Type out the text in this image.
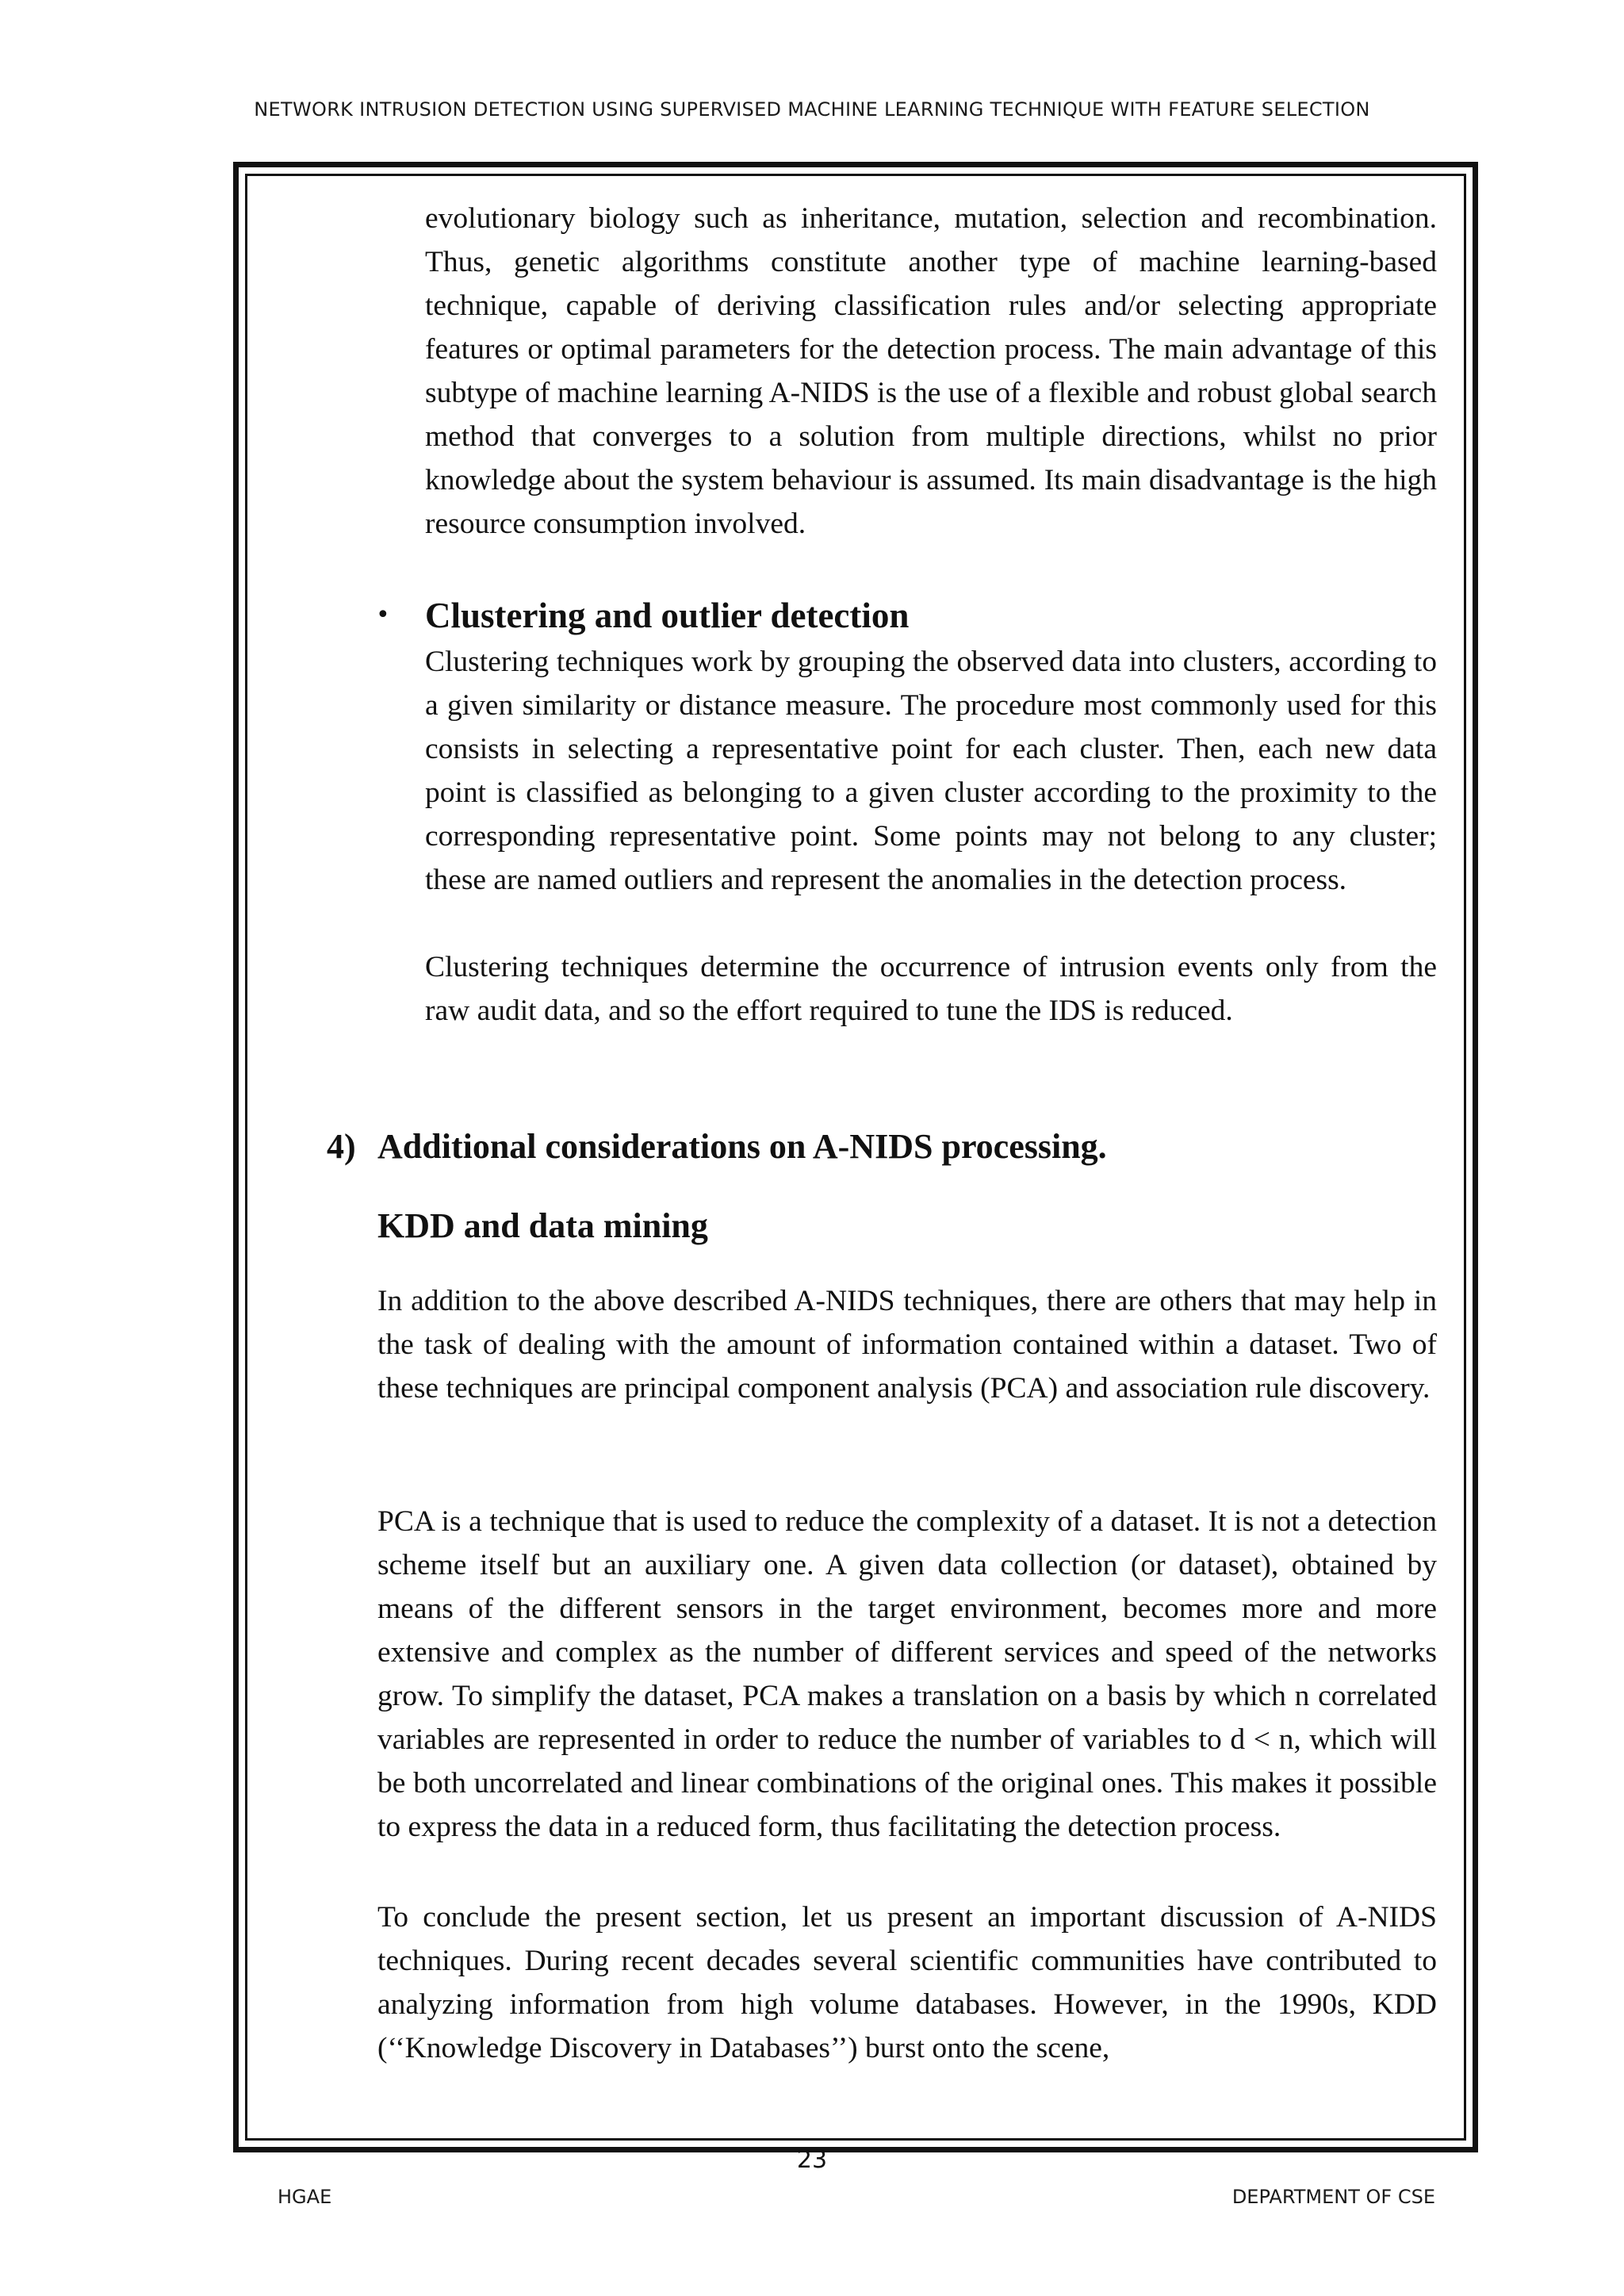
NETWORK INTRUSION DETECTION USING SUPERVISED MACHINE LEARNING TECHNIQUE WITH FEATURE SELECTION

evolutionary biology such as inheritance, mutation, selection and recombination. Thus, genetic algorithms constitute another type of machine learning-based technique, capable of deriving classification rules and/or selecting appropriate features or optimal parameters for the detection process. The main advantage of this subtype of machine learning A-NIDS is the use of a flexible and robust global search method that converges to a solution from multiple directions, whilst no prior knowledge about the system behaviour is assumed. Its main disadvantage is the high resource consumption involved.

• Clustering and outlier detection

Clustering techniques work by grouping the observed data into clusters, according to a given similarity or distance measure. The procedure most commonly used for this consists in selecting a representative point for each cluster. Then, each new data point is classified as belonging to a given cluster according to the proximity to the corresponding representative point. Some points may not belong to any cluster; these are named outliers and represent the anomalies in the detection process.

Clustering techniques determine the occurrence of intrusion events only from the raw audit data, and so the effort required to tune the IDS is reduced.

4) Additional considerations on A-NIDS processing.
KDD and data mining

In addition to the above described A-NIDS techniques, there are others that may help in the task of dealing with the amount of information contained within a dataset. Two of these techniques are principal component analysis (PCA) and association rule discovery.

PCA is a technique that is used to reduce the complexity of a dataset. It is not a detection scheme itself but an auxiliary one. A given data collection (or dataset), obtained by means of the different sensors in the target environment, becomes more and more extensive and complex as the number of different services and speed of the networks grow. To simplify the dataset, PCA makes a translation on a basis by which n correlated variables are represented in order to reduce the number of variables to d < n, which will be both uncorrelated and linear combinations of the original ones. This makes it possible to express the data in a reduced form, thus facilitating the detection process.

To conclude the present section, let us present an important discussion of A-NIDS techniques. During recent decades several scientific communities have contributed to analyzing information from high volume databases. However, in the 1990s, KDD (‘‘Knowledge Discovery in Databases’’) burst onto the scene,

23
HGAE	DEPARTMENT OF CSE
